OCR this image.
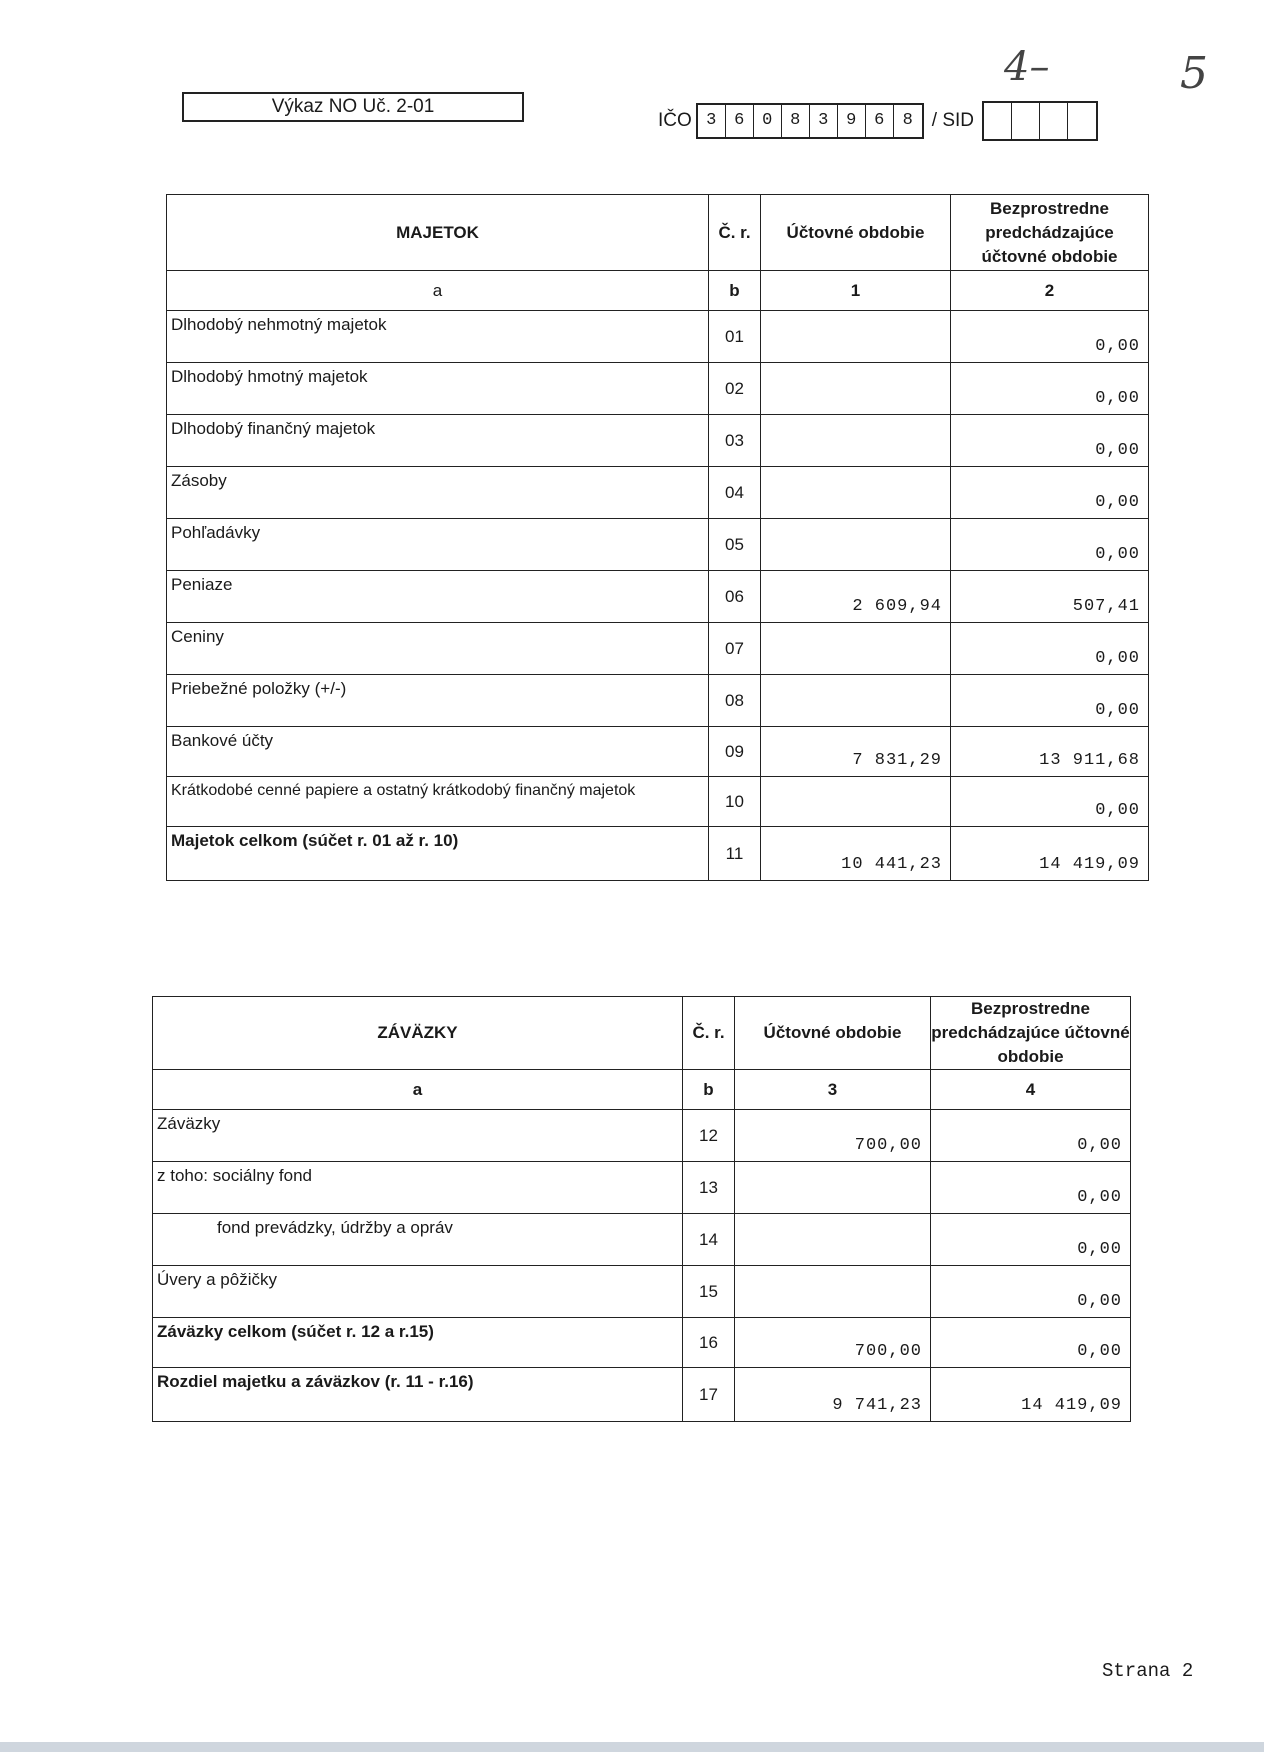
4–	5
Výkaz NO Uč. 2-01
IČO 3	6	0	8	3	9	6	8 / SID
MAJETOK	Č. r.	Účtovné obdobie	Bezprostredne predchádzajúce účtovné obdobie
a	b	1	2
Dlhodobý nehmotný majetok	01		0,00
Dlhodobý hmotný majetok	02		0,00
Dlhodobý finančný majetok	03		0,00
Zásoby	04		0,00
Pohľadávky	05		0,00
Peniaze	06	2 609,94	507,41
Ceniny	07		0,00
Priebežné položky (+/-)	08		0,00
Bankové účty	09	7 831,29	13 911,68
Krátkodobé cenné papiere a ostatný krátkodobý finančný majetok	10		0,00
Majetok celkom (súčet r. 01 až r. 10)	11	10 441,23	14 419,09
ZÁVÄZKY	Č. r.	Účtovné obdobie	Bezprostredne predchádzajúce účtovné obdobie
a	b	3	4
Záväzky	12	700,00	0,00
z toho: sociálny fond	13		0,00
fond prevádzky, údržby a opráv	14		0,00
Úvery a pôžičky	15		0,00
Záväzky celkom (súčet r. 12 a r.15)	16	700,00	0,00
Rozdiel majetku a záväzkov (r. 11 - r.16)	17	9 741,23	14 419,09
Strana 2
